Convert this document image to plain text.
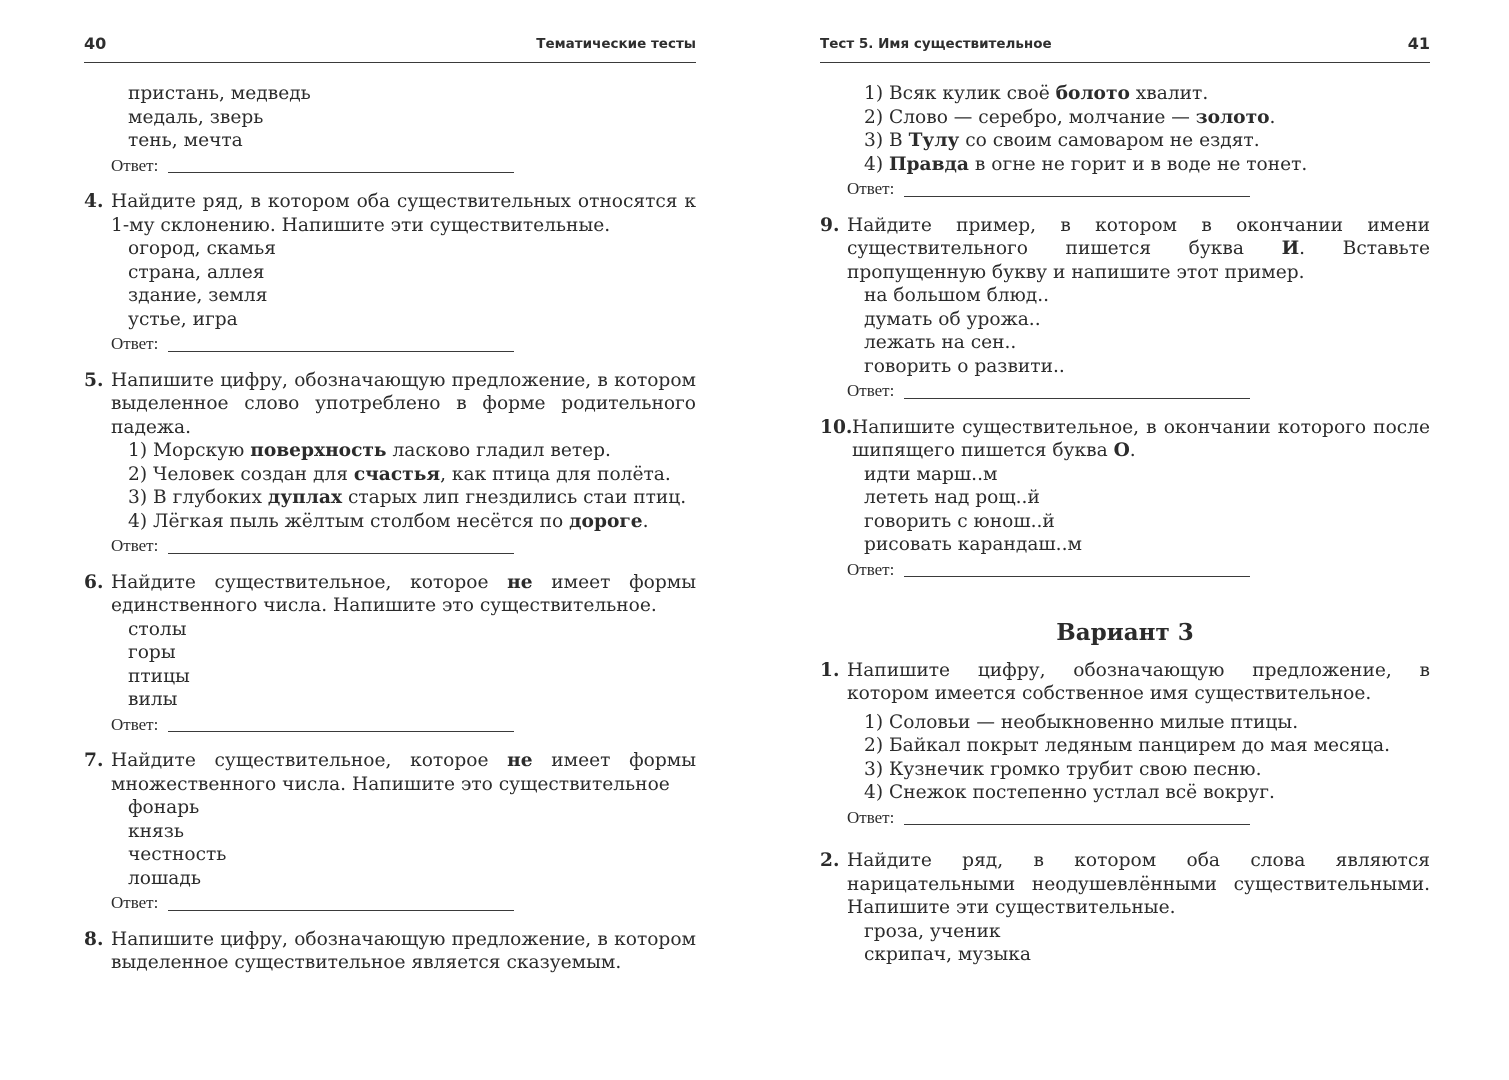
40	Тематические тесты
пристань, медведь
медаль, зверь
тень, мечта
Ответ:
4. Найдите ряд, в котором оба существительных относятся к 1-му склонению. Напишите эти существительные.
огород, скамья
страна, аллея
здание, земля
устье, игра
Ответ:
5. Напишите цифру, обозначающую предложение, в котором выделенное слово употреблено в форме родительного падежа.
1) Морскую поверхность ласково гладил ветер.
2) Человек создан для счастья, как птица для полёта.
3) В глубоких дуплах старых лип гнездились стаи птиц.
4) Лёгкая пыль жёлтым столбом несётся по дороге.
Ответ:
6. Найдите существительное, которое не имеет формы единственного числа. Напишите это существительное.
столы
горы
птицы
вилы
Ответ:
7. Найдите существительное, которое не имеет формы множественного числа. Напишите это существительное
фонарь
князь
честность
лошадь
Ответ:
8. Напишите цифру, обозначающую предложение, в котором выделенное существительное является сказуемым.
Тест 5. Имя существительное	41
1) Всяк кулик своё болото хвалит.
2) Слово — серебро, молчание — золото.
3) В Тулу со своим самоваром не ездят.
4) Правда в огне не горит и в воде не тонет.
Ответ:
9. Найдите пример, в котором в окончании имени существительного пишется буква И. Вставьте пропущенную букву и напишите этот пример.
на большом блюд..
думать об урожа..
лежать на сен..
говорить о развити..
Ответ:
10. Напишите существительное, в окончании которого после шипящего пишется буква О.
идти марш..м
лететь над рощ..й
говорить с юнош..й
рисовать карандаш..м
Ответ:
Вариант 3
1. Напишите цифру, обозначающую предложение, в котором имеется собственное имя существительное.
1) Соловьи — необыкновенно милые птицы.
2) Байкал покрыт ледяным панцирем до мая месяца.
3) Кузнечик громко трубит свою песню.
4) Снежок постепенно устлал всё вокруг.
Ответ:
2. Найдите ряд, в котором оба слова являются нарицательными неодушевлёнными существительными. Напишите эти существительные.
гроза, ученик
скрипач, музыка
